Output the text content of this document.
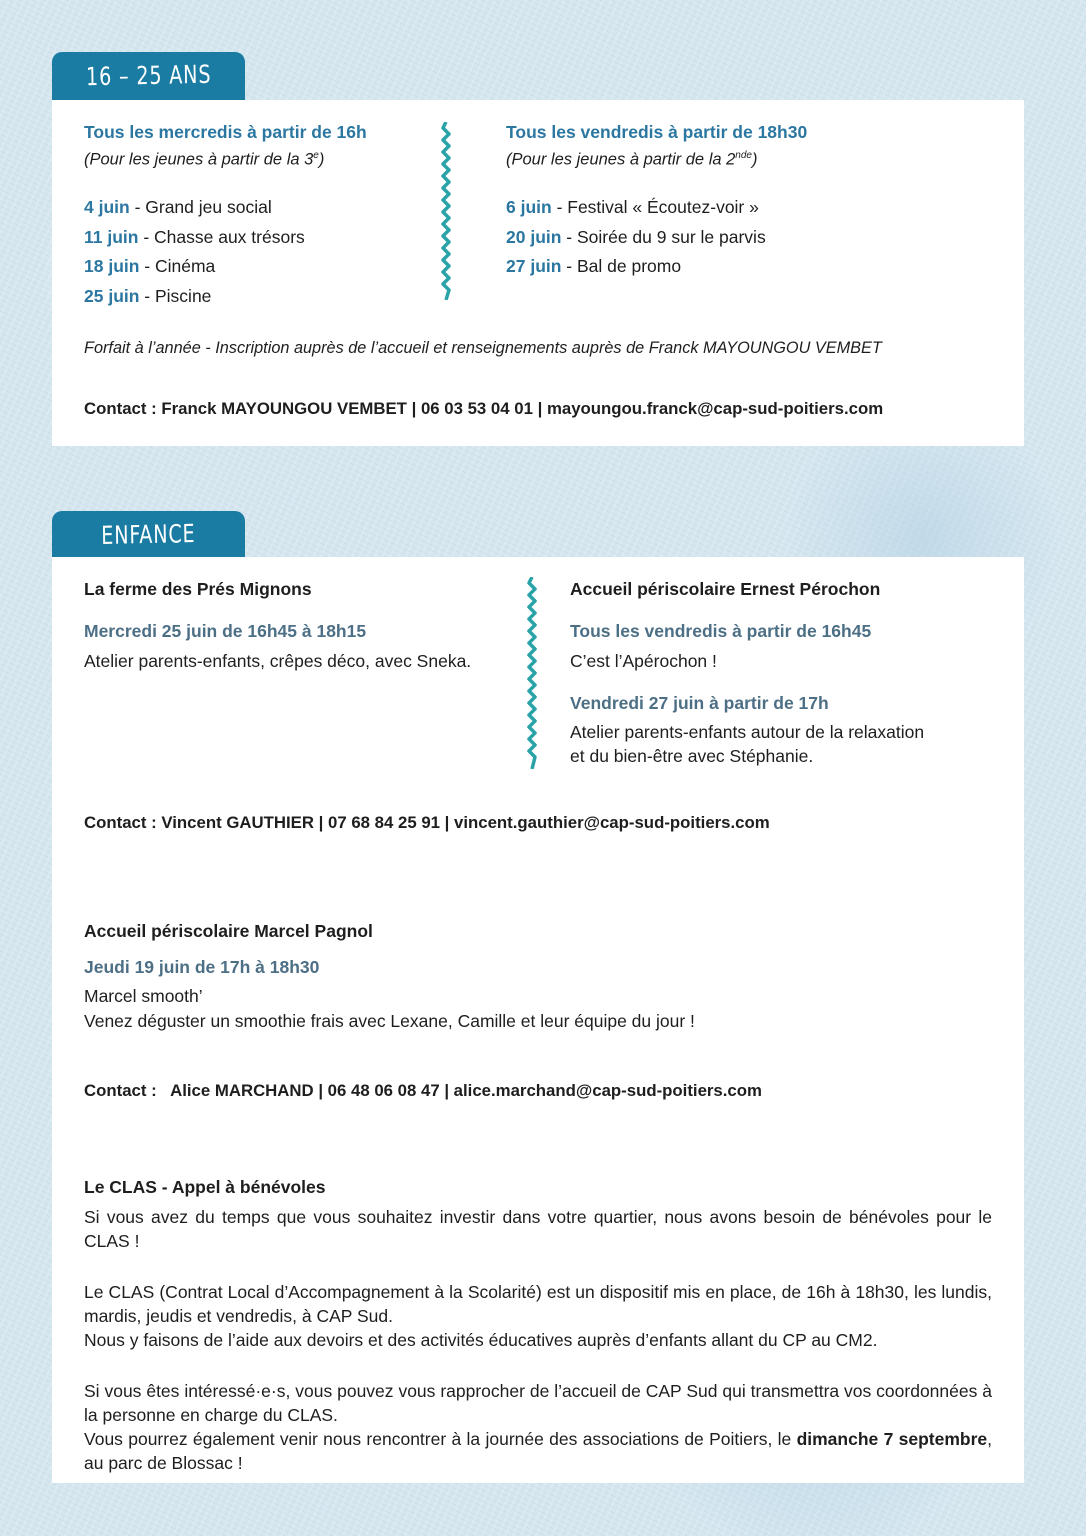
16 – 25 ANS
Tous les mercredis à partir de 16h
(Pour les jeunes à partir de la 3e)
4 juin - Grand jeu social
11 juin - Chasse aux trésors
18 juin - Cinéma
25 juin - Piscine
Tous les vendredis à partir de 18h30
(Pour les jeunes à partir de la 2nde)
6 juin - Festival « Écoutez-voir »
20 juin - Soirée du 9 sur le parvis
27 juin - Bal de promo
Forfait à l’année - Inscription auprès de l’accueil et renseignements auprès de Franck MAYOUNGOU VEMBET
Contact : Franck MAYOUNGOU VEMBET | 06 03 53 04 01 | mayoungou.franck@cap-sud-poitiers.com
ENFANCE
La ferme des Prés Mignons
Mercredi 25 juin de 16h45 à 18h15
Atelier parents-enfants, crêpes déco, avec Sneka.
Accueil périscolaire Ernest Pérochon
Tous les vendredis à partir de 16h45
C’est l’Apérochon !
Vendredi 27 juin à partir de 17h
Atelier parents-enfants autour de la relaxation
et du bien-être avec Stéphanie.
Contact : Vincent GAUTHIER | 07 68 84 25 91 | vincent.gauthier@cap-sud-poitiers.com
Accueil périscolaire Marcel Pagnol
Jeudi 19 juin de 17h à 18h30
Marcel smooth’
Venez déguster un smoothie frais avec Lexane, Camille et leur équipe du jour !
Contact :   Alice MARCHAND | 06 48 06 08 47 | alice.marchand@cap-sud-poitiers.com
Le CLAS - Appel à bénévoles
Si vous avez du temps que vous souhaitez investir dans votre quartier, nous avons besoin de bénévoles pour le CLAS !
Le CLAS (Contrat Local d’Accompagnement à la Scolarité) est un dispositif mis en place, de 16h à 18h30, les lundis, mardis, jeudis et vendredis, à CAP Sud.
Nous y faisons de l’aide aux devoirs et des activités éducatives auprès d’enfants allant du CP au CM2.
Si vous êtes intéressé·e·s, vous pouvez vous rapprocher de l’accueil de CAP Sud qui transmettra vos coordonnées à la personne en charge du CLAS.
Vous pourrez également venir nous rencontrer à la journée des associations de Poitiers, le dimanche 7 septembre, au parc de Blossac !
